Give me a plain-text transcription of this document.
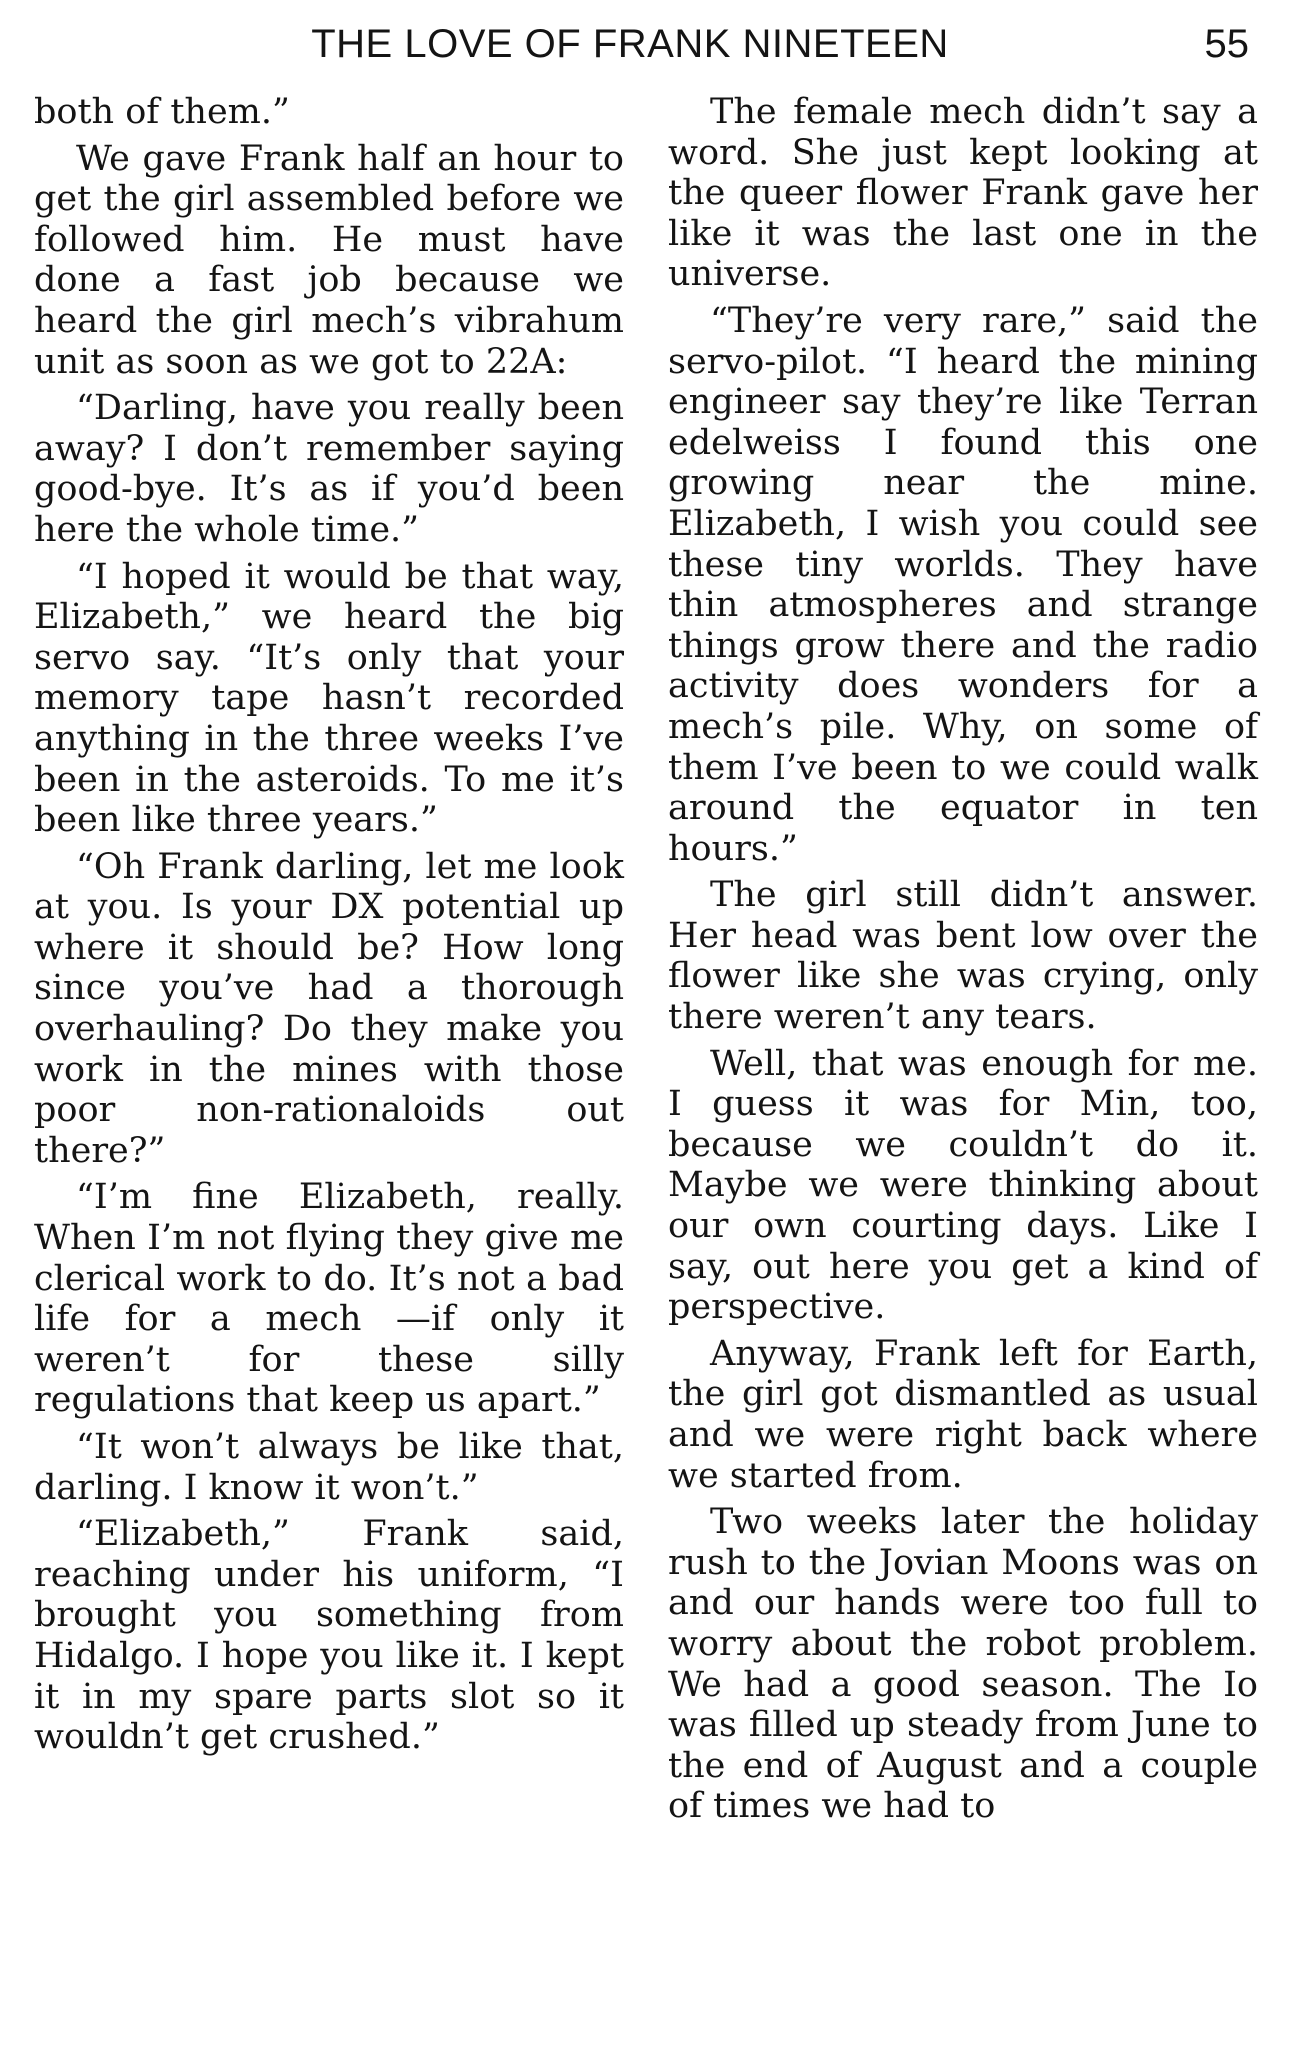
THE LOVE OF FRANK NINETEEN	55

both of them.”

We gave Frank half an hour to get the girl assembled before we followed him. He must have done a fast job because we heard the girl mech’s vibrahum unit as soon as we got to 22A:

“Darling, have you really been away? I don’t remember saying good-bye. It’s as if you’d been here the whole time.”

“I hoped it would be that way, Elizabeth,” we heard the big servo say. “It’s only that your memory tape hasn’t recorded anything in the three weeks I’ve been in the asteroids. To me it’s been like three years.”

“Oh Frank darling, let me look at you. Is your DX potential up where it should be? How long since you’ve had a thorough overhauling? Do they make you work in the mines with those poor non-rationaloids out there?”

“I’m fine Elizabeth, really. When I’m not flying they give me clerical work to do. It’s not a bad life for a mech —if only it weren’t for these silly regulations that keep us apart.”

“It won’t always be like that, darling. I know it won’t.”

“Elizabeth,” Frank said, reaching under his uniform, “I brought you something from Hidalgo. I hope you like it. I kept it in my spare parts slot so it wouldn’t get crushed.”

The female mech didn’t say a word. She just kept looking at the queer flower Frank gave her like it was the last one in the universe.

“They’re very rare,” said the servo-pilot. “I heard the mining engineer say they’re like Terran edelweiss I found this one growing near the mine. Elizabeth, I wish you could see these tiny worlds. They have thin atmospheres and strange things grow there and the radio activity does wonders for a mech’s pile. Why, on some of them I’ve been to we could walk around the equator in ten hours.”

The girl still didn’t answer. Her head was bent low over the flower like she was crying, only there weren’t any tears.

Well, that was enough for me. I guess it was for Min, too, because we couldn’t do it. Maybe we were thinking about our own courting days. Like I say, out here you get a kind of perspective.

Anyway, Frank left for Earth, the girl got dismantled as usual and we were right back where we started from.

Two weeks later the holiday rush to the Jovian Moons was on and our hands were too full to worry about the robot problem. We had a good season. The Io was filled up steady from June to the end of August and a couple of times we had to
